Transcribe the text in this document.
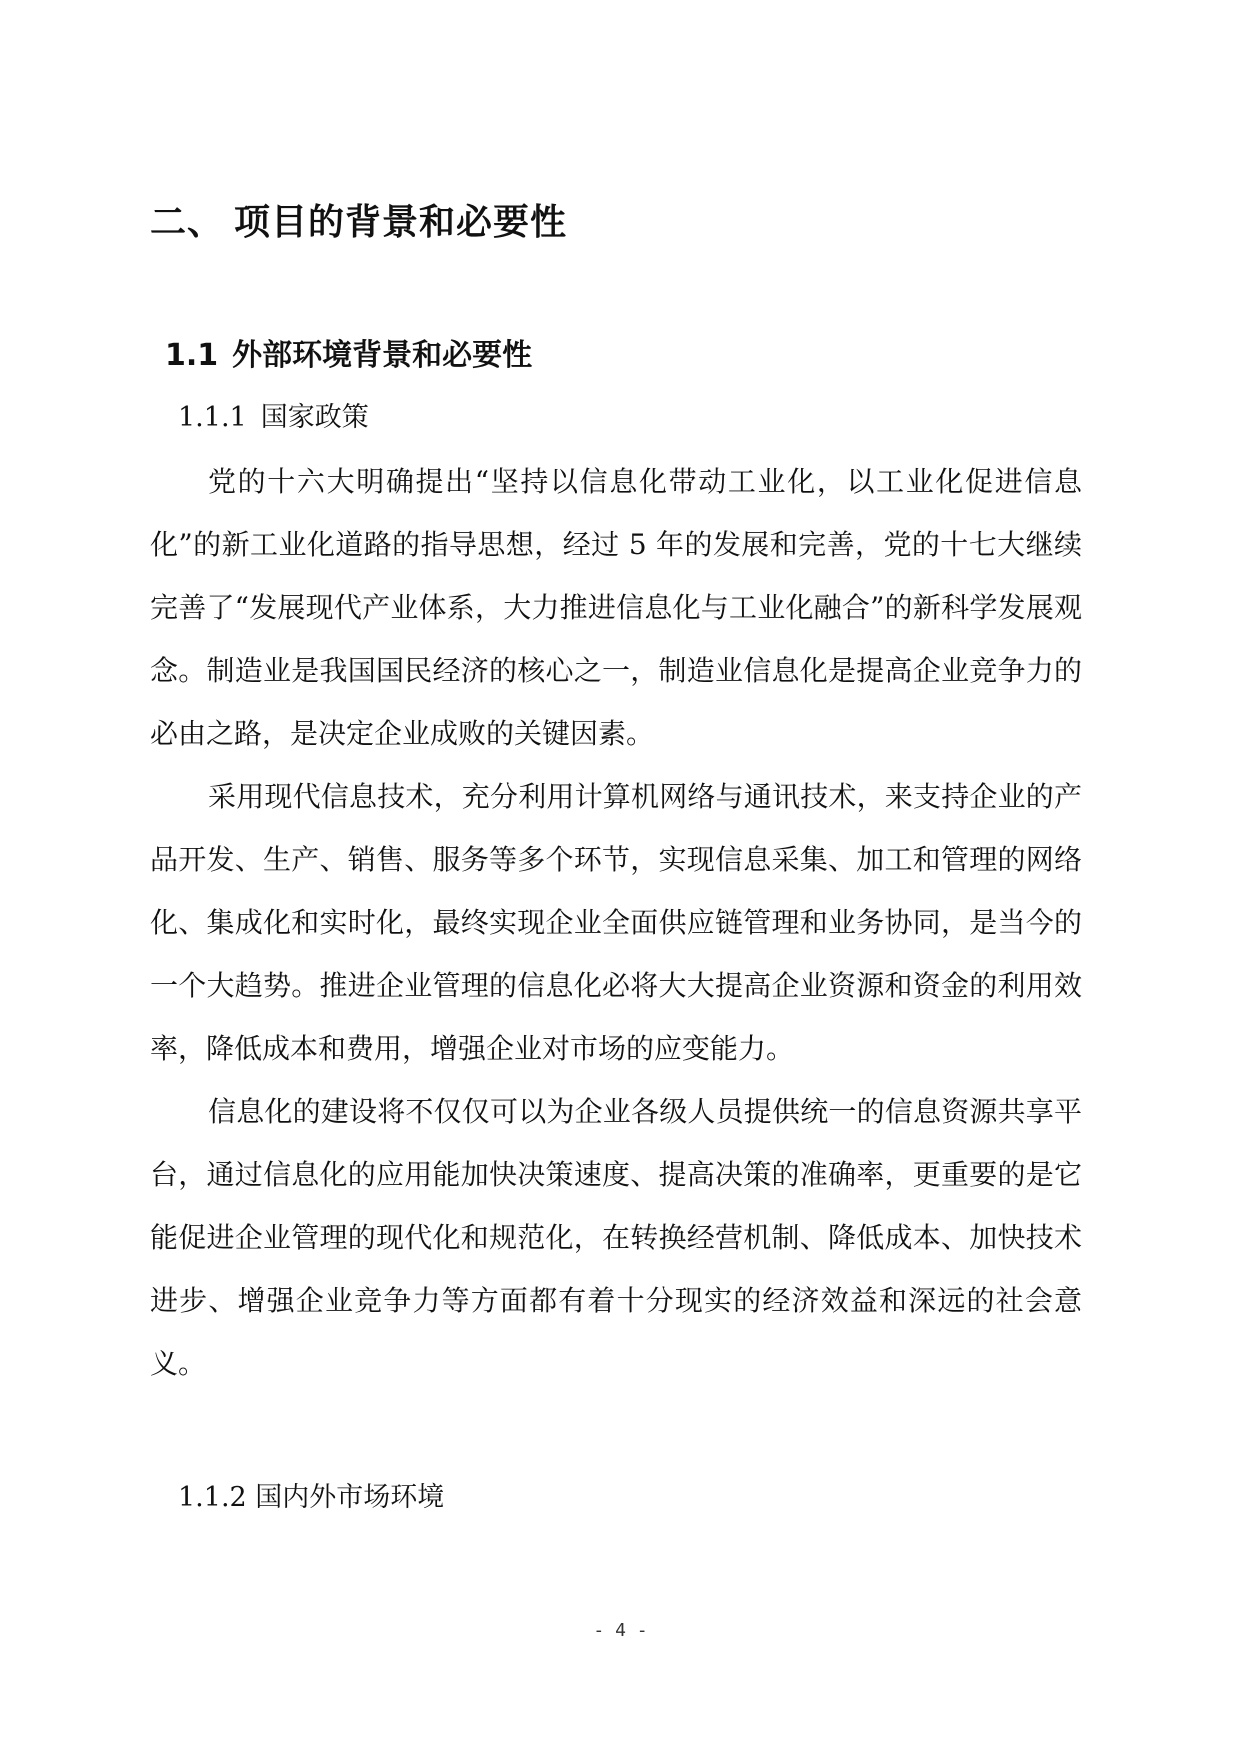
二、 项目的背景和必要性
1.1 外部环境背景和必要性
1.1.1 国家政策

党的十六大明确提出“坚持以信息化带动工业化，以工业化促进信息化”的新工业化道路的指导思想，经过 5 年的发展和完善，党的十七大继续完善了“发展现代产业体系，大力推进信息化与工业化融合”的新科学发展观念。制造业是我国国民经济的核心之一，制造业信息化是提高企业竞争力的必由之路，是决定企业成败的关键因素。

采用现代信息技术，充分利用计算机网络与通讯技术，来支持企业的产品开发、生产、销售、服务等多个环节，实现信息采集、加工和管理的网络化、集成化和实时化，最终实现企业全面供应链管理和业务协同，是当今的一个大趋势。推进企业管理的信息化必将大大提高企业资源和资金的利用效率，降低成本和费用，增强企业对市场的应变能力。

信息化的建设将不仅仅可以为企业各级人员提供统一的信息资源共享平台，通过信息化的应用能加快决策速度、提高决策的准确率，更重要的是它能促进企业管理的现代化和规范化，在转换经营机制、降低成本、加快技术进步、增强企业竞争力等方面都有着十分现实的经济效益和深远的社会意义。

1.1.2 国内外市场环境
- 4 -
